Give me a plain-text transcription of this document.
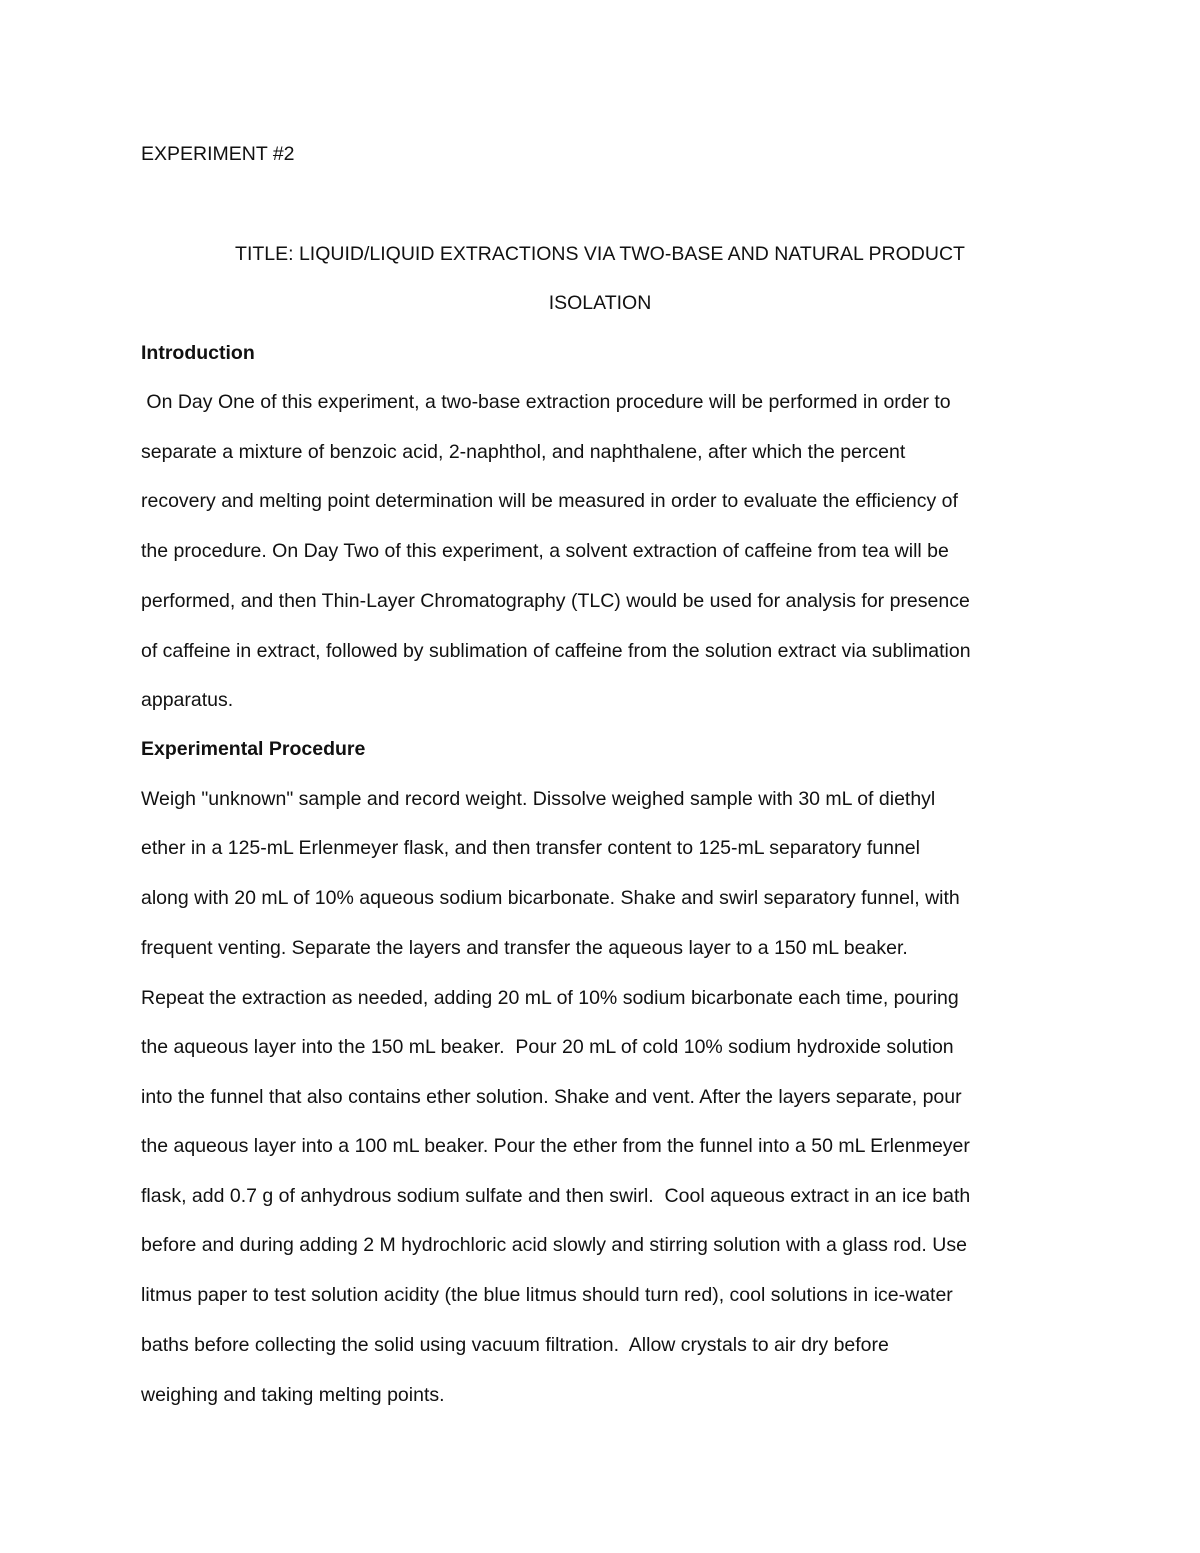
EXPERIMENT #2
TITLE: LIQUID/LIQUID EXTRACTIONS VIA TWO-BASE AND NATURAL PRODUCT
ISOLATION
Introduction
On Day One of this experiment, a two-base extraction procedure will be performed in order to
separate a mixture of benzoic acid, 2-naphthol, and naphthalene, after which the percent
recovery and melting point determination will be measured in order to evaluate the efficiency of
the procedure. On Day Two of this experiment, a solvent extraction of caffeine from tea will be
performed, and then Thin-Layer Chromatography (TLC) would be used for analysis for presence
of caffeine in extract, followed by sublimation of caffeine from the solution extract via sublimation
apparatus.
Experimental Procedure
Weigh "unknown" sample and record weight. Dissolve weighed sample with 30 mL of diethyl
ether in a 125-mL Erlenmeyer flask, and then transfer content to 125-mL separatory funnel
along with 20 mL of 10% aqueous sodium bicarbonate. Shake and swirl separatory funnel, with
frequent venting. Separate the layers and transfer the aqueous layer to a 150 mL beaker.
Repeat the extraction as needed, adding 20 mL of 10% sodium bicarbonate each time, pouring
the aqueous layer into the 150 mL beaker.  Pour 20 mL of cold 10% sodium hydroxide solution
into the funnel that also contains ether solution. Shake and vent. After the layers separate, pour
the aqueous layer into a 100 mL beaker. Pour the ether from the funnel into a 50 mL Erlenmeyer
flask, add 0.7 g of anhydrous sodium sulfate and then swirl.  Cool aqueous extract in an ice bath
before and during adding 2 M hydrochloric acid slowly and stirring solution with a glass rod. Use
litmus paper to test solution acidity (the blue litmus should turn red), cool solutions in ice-water
baths before collecting the solid using vacuum filtration.  Allow crystals to air dry before
weighing and taking melting points.
